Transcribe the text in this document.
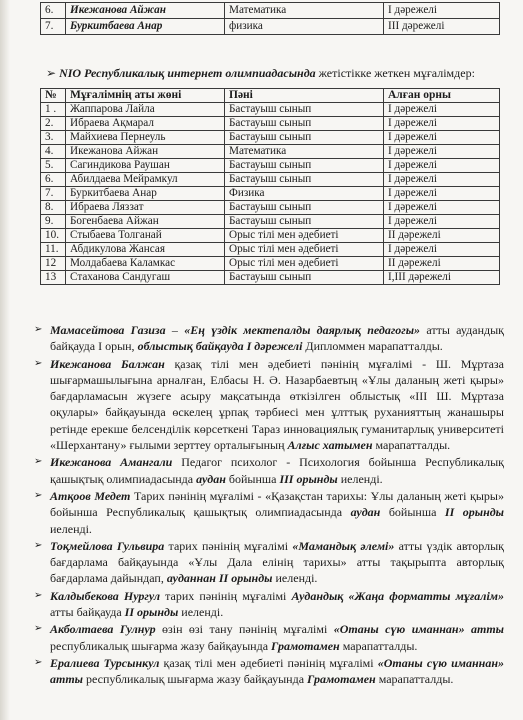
6.	Икежанова Айжан	Математика	I дәрежелі
7.	Буркитбаева Анар	физика	III дәрежелі
➢ NIO Республикалық интернет олимпиадасында жетістікке жеткен мұғалімдер:
№	Мұғалімнің аты жөні	Пәні	Алған орны
1 .	Жаппарова Лайла	Бастауыш сынып	I дәрежелі
2.	Ибраева Ақмарал	Бастауыш сынып	I дәрежелі
3.	Майхиева Пернеуль	Бастауыш сынып	I дәрежелі
4.	Икежанова Айжан	Математика	I дәрежелі
5.	Сагиндикова Раушан	Бастауыш сынып	I дәрежелі
6.	Абилдаева Мейрамкул	Бастауыш сынып	I дәрежелі
7.	Буркитбаева Анар	Физика	I дәрежелі
8.	Ибраева Ляззат	Бастауыш сынып	I дәрежелі
9.	Богенбаева Айжан	Бастауыш сынып	I дәрежелі
10.	Стыбаева Толганай	Орыс тілі мен әдебиеті	II дәрежелі
11.	Абдикулова Жансая	Орыс тілі мен әдебиеті	I дәрежелі
12	Молдабаева Каламкас	Орыс тілі мен әдебиеті	II дәрежелі
13	Стаханова Сандугаш	Бастауыш сынып	I,III дәрежелі
➢ Мамасейтова Газиза – «Ең үздік мектепалды даярлық педагогы» атты аудандық байқауда I орын, облыстық байқауда I дәрежелі Дипломмен марапатталды.
➢ Икежанова Балжан қазақ тілі мен әдебиеті пәнінің мұғалімі - Ш. Мұртаза шығармашылығына арналған, Елбасы Н. Ә. Назарбаевтың «Ұлы даланың жеті қыры» бағдарламасын жүзеге асыру мақсатында өткізілген облыстық «III Ш. Мұртаза оқулары» байқауында өскелең ұрпақ тәрбиесі мен ұлттық руханияттың жанашыры ретінде ерекше белсенділік көрсеткені Тараз инновациялық гуманитарлық университеті «Шерхантану» ғылыми зерттеу орталығының Алғыс хатымен марапатталды.
➢ Икежанова Амангали Педагог психолог - Психология бойынша Республикалық қашықтық олимпиадасында аудан бойынша III орынды иеленді.
➢ Атқоов Медет Тарих пәнінің мұғалімі - «Қазақстан тарихы: Ұлы даланың жеті қыры» бойынша Республикалық қашықтық олимпиадасында аудан бойынша II орынды иеленді.
➢ Тоқмейлова Гульвира тарих пәнінің мұғалімі «Мамандық әлемі» атты үздік авторлық бағдарлама байқауында «Ұлы Дала елінің тарихы» атты тақырыпта авторлық бағдарлама дайындап, ауданнан II орынды иеленді.
➢ Калдыбекова Нургул тарих пәнінің мұғалімі Аудандық «Жаңа форматты мұғалім» атты байқауда II орынды иеленді.
➢ Акболтаева Гулнур өзін өзі тану пәнінің мұғалімі «Отаны сүю иманнан» атты республикалық шығарма жазу байқауында Грамотамен марапатталды.
➢ Ералиева Турсынкул қазақ тілі мен әдебиеті пәнінің мұғалімі «Отаны сүю иманнан» атты республикалық шығарма жазу байқауында Грамотамен марапатталды.
